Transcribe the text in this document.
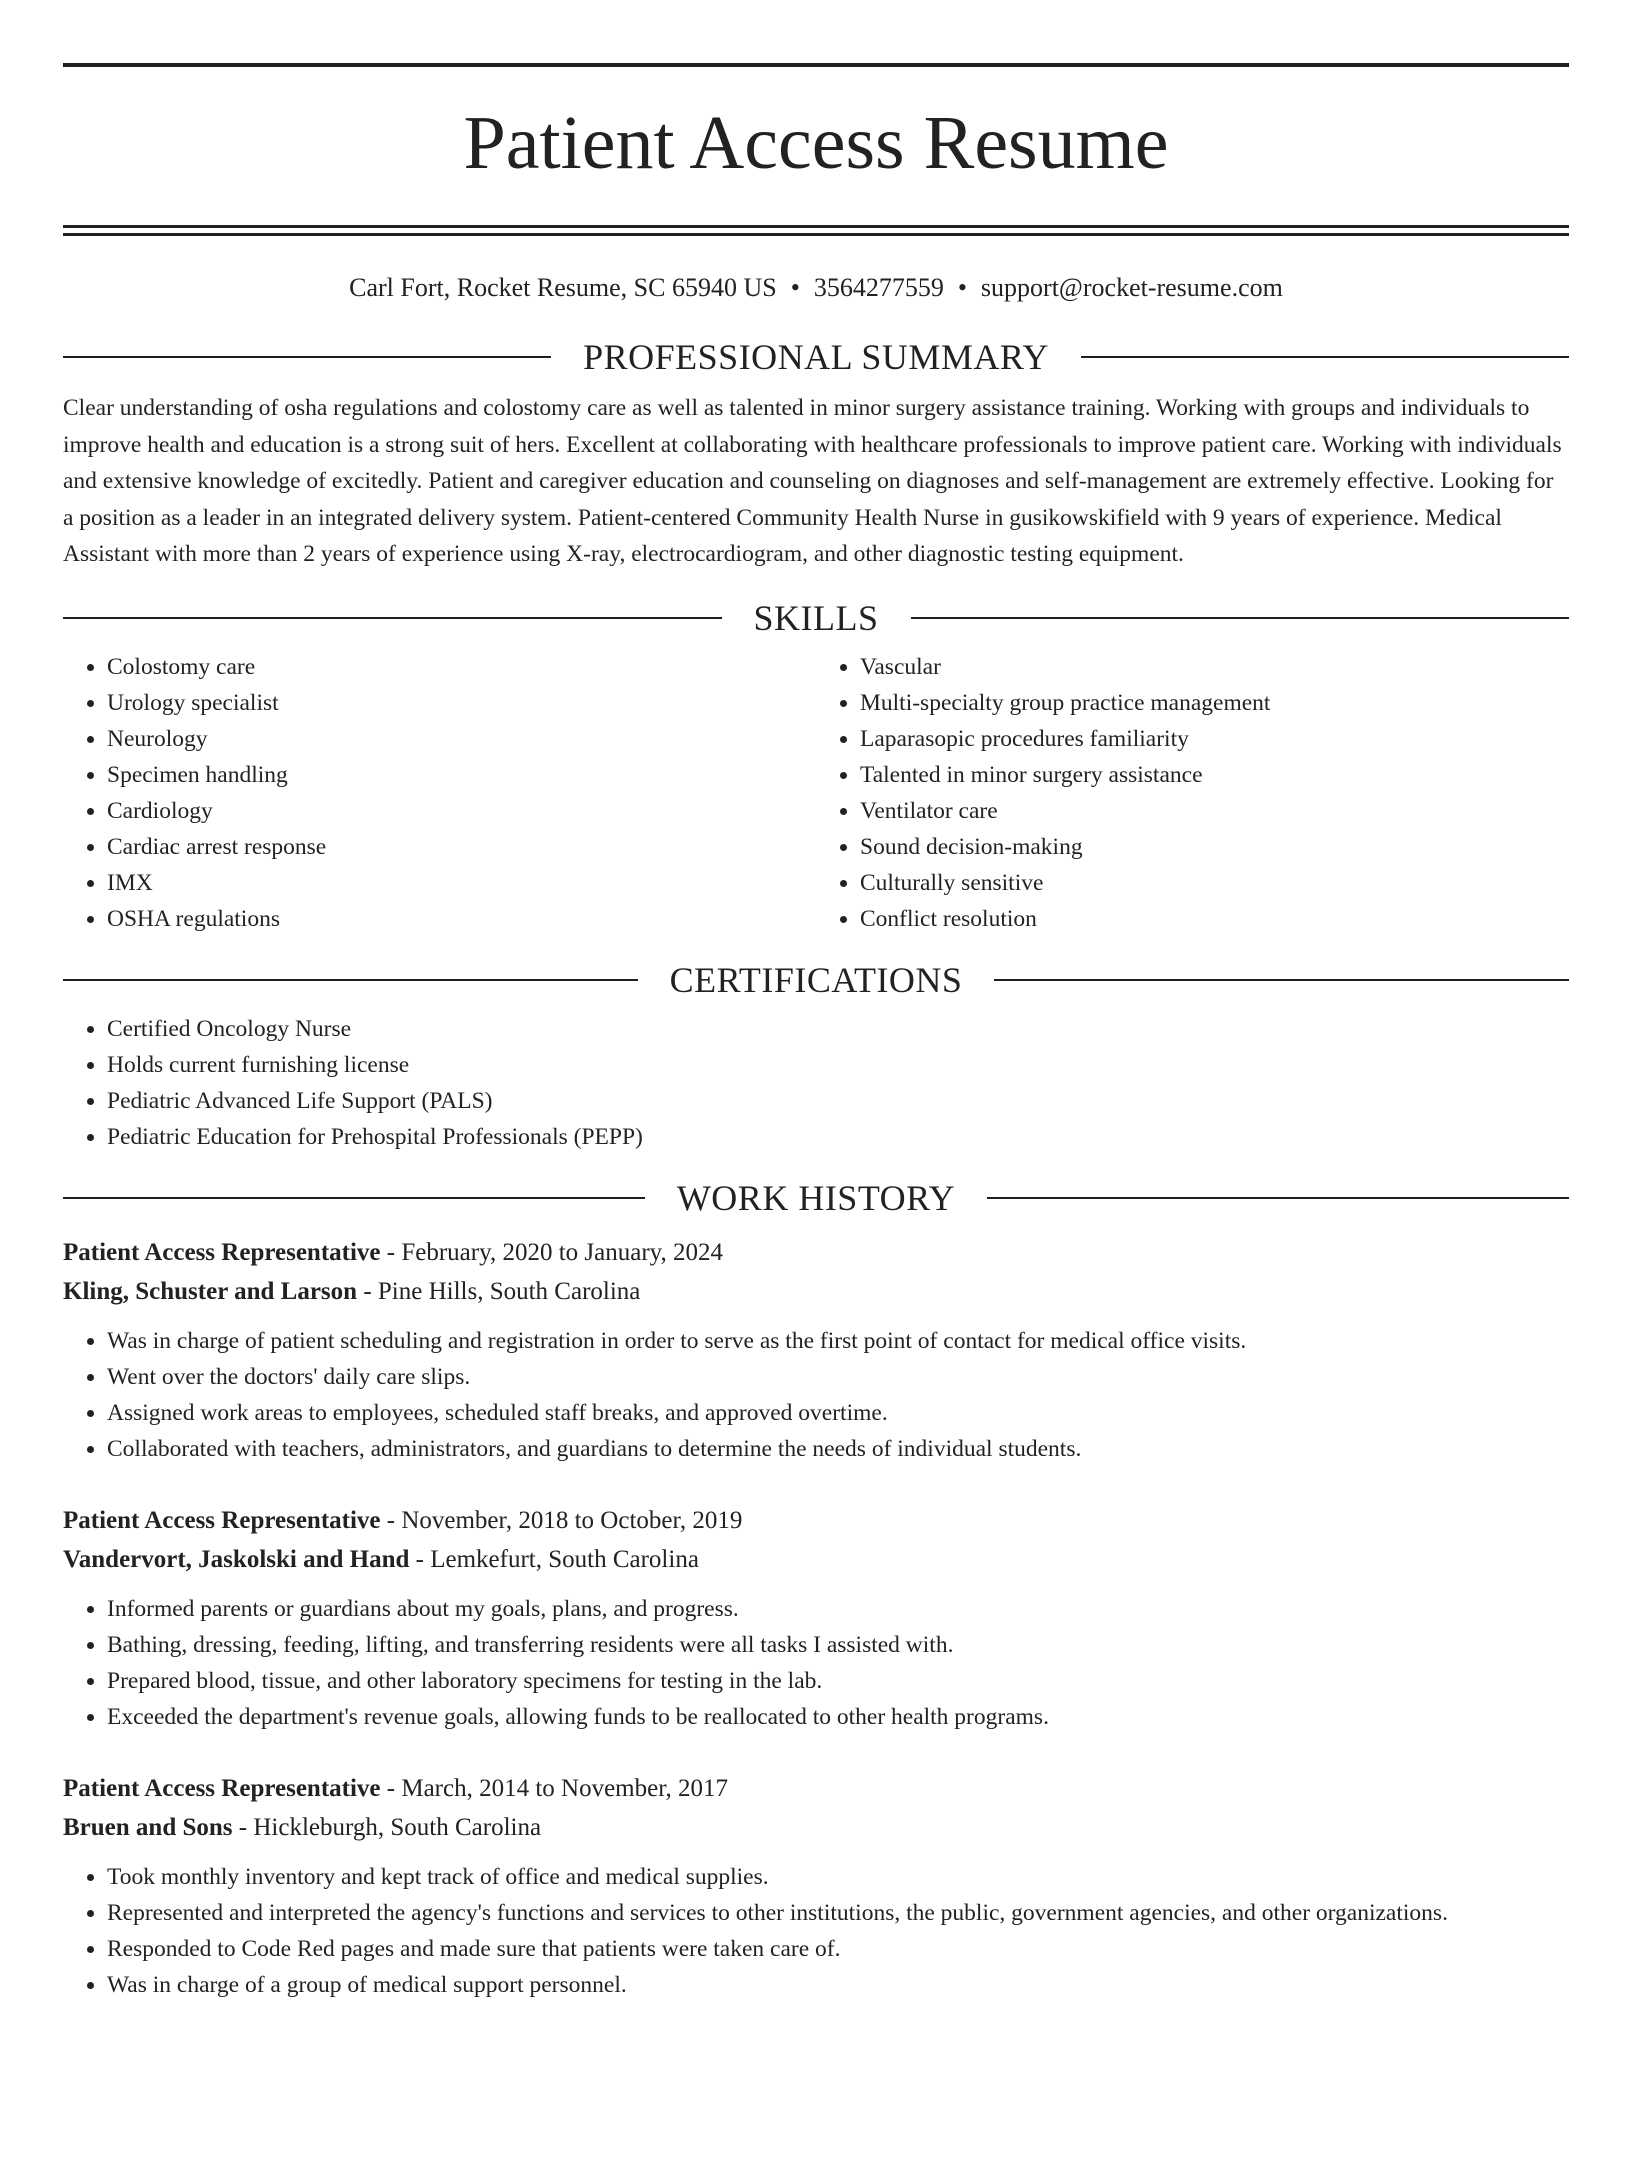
Patient Access Resume
Carl Fort, Rocket Resume, SC 65940 US • 3564277559 • support@rocket-resume.com
PROFESSIONAL SUMMARY

Clear understanding of osha regulations and colostomy care as well as talented in minor surgery assistance training. Working with groups and individuals to improve health and education is a strong suit of hers. Excellent at collaborating with healthcare professionals to improve patient care. Working with individuals and extensive knowledge of excitedly. Patient and caregiver education and counseling on diagnoses and self-management are extremely effective. Looking for a position as a leader in an integrated delivery system. Patient-centered Community Health Nurse in gusikowskifield with 9 years of experience. Medical Assistant with more than 2 years of experience using X-ray, electrocardiogram, and other diagnostic testing equipment.

SKILLS
• Colostomy care
• Urology specialist
• Neurology
• Specimen handling
• Cardiology
• Cardiac arrest response
• IMX
• OSHA regulations
• Vascular
• Multi-specialty group practice management
• Laparasopic procedures familiarity
• Talented in minor surgery assistance
• Ventilator care
• Sound decision-making
• Culturally sensitive
• Conflict resolution
CERTIFICATIONS
• Certified Oncology Nurse
• Holds current furnishing license
• Pediatric Advanced Life Support (PALS)
• Pediatric Education for Prehospital Professionals (PEPP)
WORK HISTORY
Patient Access Representative - February, 2020 to January, 2024
Kling, Schuster and Larson - Pine Hills, South Carolina
• Was in charge of patient scheduling and registration in order to serve as the first point of contact for medical office visits.
• Went over the doctors' daily care slips.
• Assigned work areas to employees, scheduled staff breaks, and approved overtime.
• Collaborated with teachers, administrators, and guardians to determine the needs of individual students.
Patient Access Representative - November, 2018 to October, 2019
Vandervort, Jaskolski and Hand - Lemkefurt, South Carolina
• Informed parents or guardians about my goals, plans, and progress.
• Bathing, dressing, feeding, lifting, and transferring residents were all tasks I assisted with.
• Prepared blood, tissue, and other laboratory specimens for testing in the lab.
• Exceeded the department's revenue goals, allowing funds to be reallocated to other health programs.
Patient Access Representative - March, 2014 to November, 2017
Bruen and Sons - Hickleburgh, South Carolina
• Took monthly inventory and kept track of office and medical supplies.
• Represented and interpreted the agency's functions and services to other institutions, the public, government agencies, and other organizations.
• Responded to Code Red pages and made sure that patients were taken care of.
• Was in charge of a group of medical support personnel.
